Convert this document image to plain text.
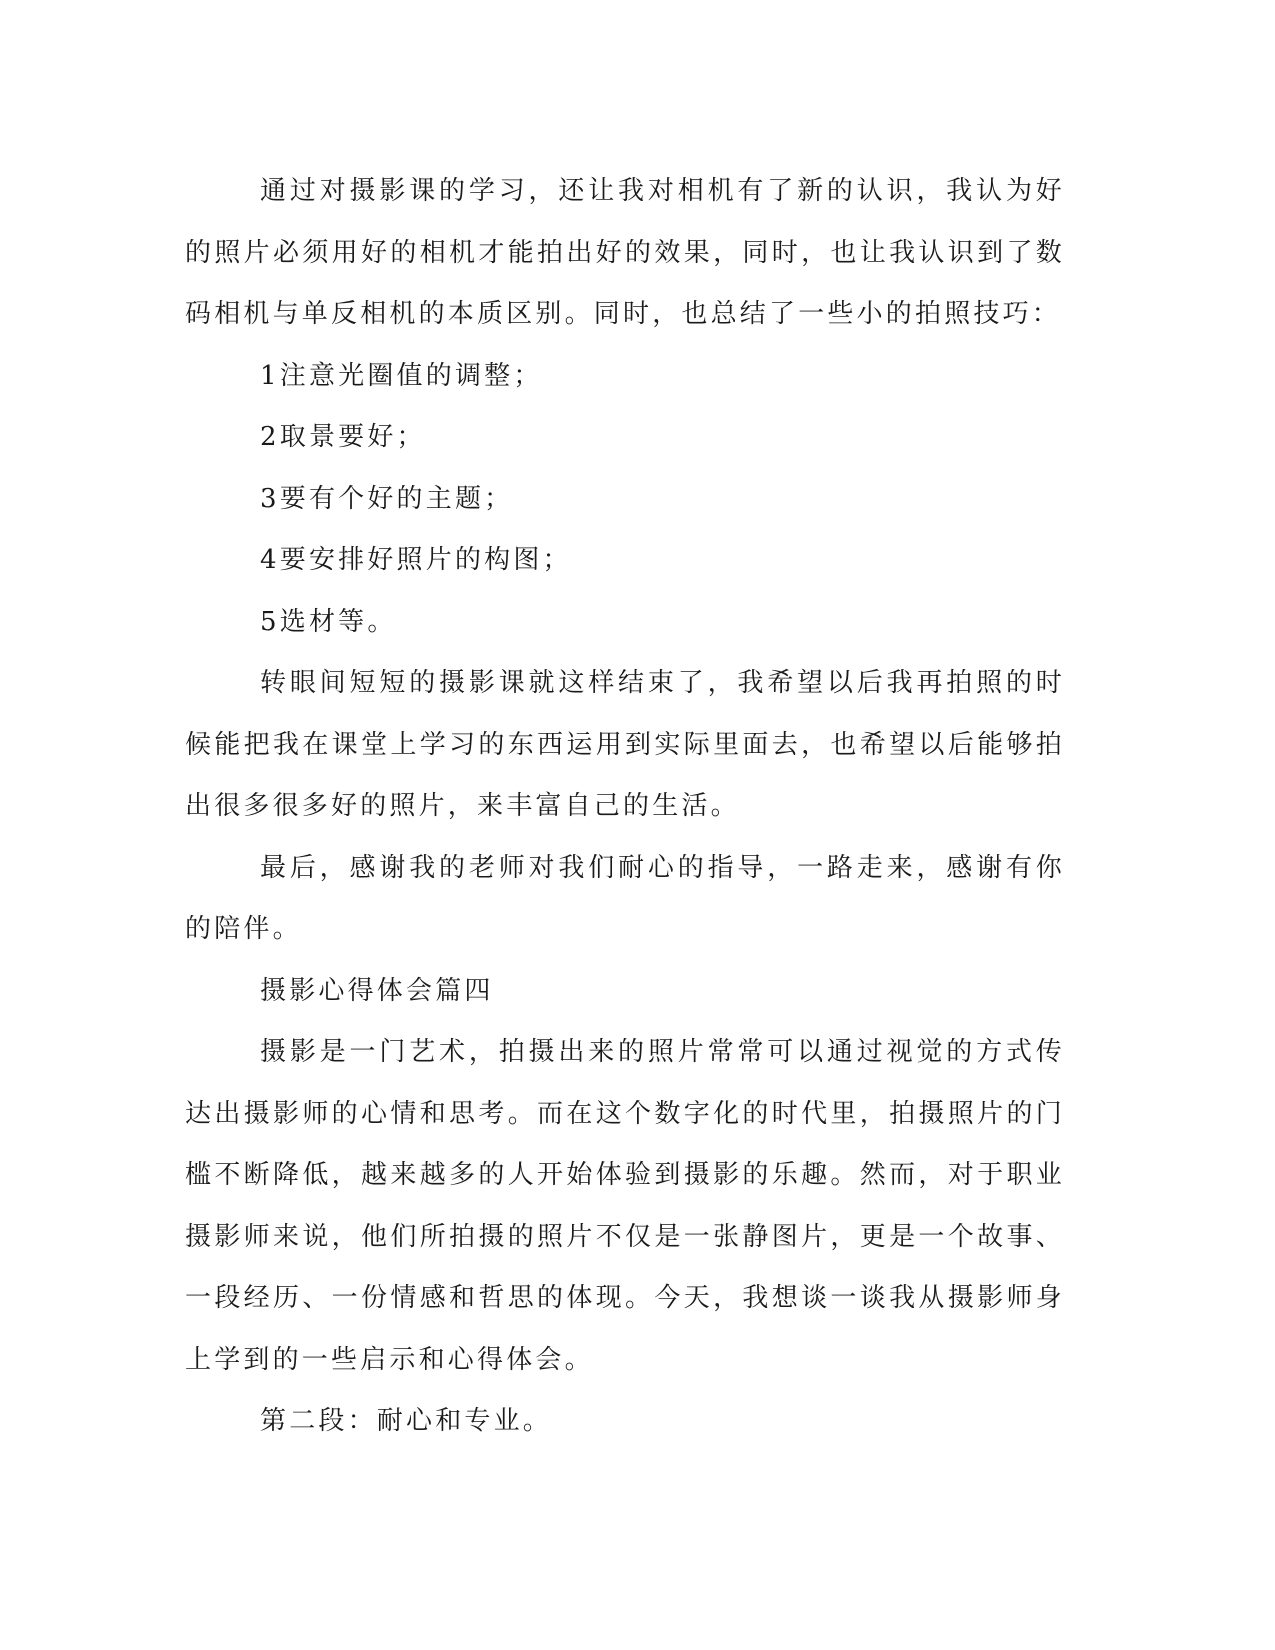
通过对摄影课的学习，还让我对相机有了新的认识，我认为好的照片必须用好的相机才能拍出好的效果，同时，也让我认识到了数码相机与单反相机的本质区别。同时，也总结了一些小的拍照技巧：

1注意光圈值的调整；

2取景要好；

3要有个好的主题；

4要安排好照片的构图；

5选材等。

转眼间短短的摄影课就这样结束了，我希望以后我再拍照的时候能把我在课堂上学习的东西运用到实际里面去，也希望以后能够拍出很多很多好的照片，来丰富自己的生活。

最后，感谢我的老师对我们耐心的指导，一路走来，感谢有你的陪伴。

摄影心得体会篇四

摄影是一门艺术，拍摄出来的照片常常可以通过视觉的方式传达出摄影师的心情和思考。而在这个数字化的时代里，拍摄照片的门槛不断降低，越来越多的人开始体验到摄影的乐趣。然而，对于职业摄影师来说，他们所拍摄的照片不仅是一张静图片，更是一个故事、一段经历、一份情感和哲思的体现。今天，我想谈一谈我从摄影师身上学到的一些启示和心得体会。

第二段：耐心和专业。
